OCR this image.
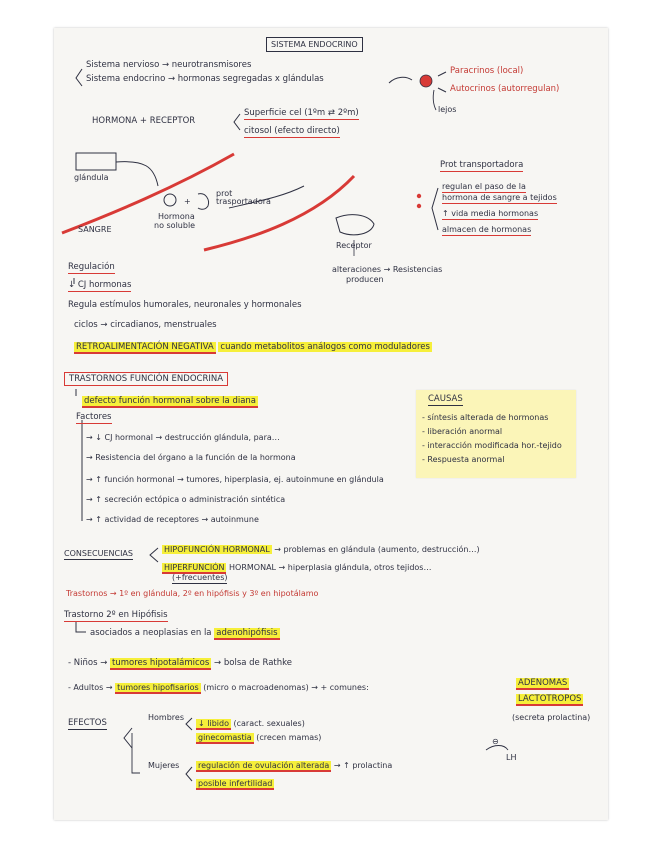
SISTEMA ENDOCRINO
Sistema nervioso → neurotransmisores
Sistema endocrino → hormonas segregadas x glándulas
Paracrinos (local)
Autocrinos (autorregulan)
lejos
HORMONA + RECEPTOR
Superficie cel (1ºm ⇄ 2ºm)
citosol (efecto directo)
glándula
SANGRE
Hormona
no soluble
+
prot
trasportadora
Receptor
alteraciones → Resistencias
producen
Prot transportadora
regulan el paso de la
hormona de sangre a tejidos
↑ vida media hormonas
almacen de hormonas
Regulación
↓ CJ hormonas
Regula estímulos humorales, neuronales y hormonales
ciclos → circadianos, menstruales
RETROALIMENTACIÓN NEGATIVA cuando metabolitos análogos como moduladores
CAUSAS
- síntesis alterada de hormonas
- liberación anormal
- interacción modificada hor.-tejido
- Respuesta anormal
TRASTORNOS FUNCIÓN ENDOCRINA
defecto función hormonal sobre la diana
Factores
→ ↓ CJ hormonal → destrucción glándula, para…
→ Resistencia del órgano a la función de la hormona
→ ↑ función hormonal → tumores, hiperplasia, ej. autoinmune en glándula
→ ↑ secreción ectópica o administración sintética
→ ↑ actividad de receptores → autoinmune
CONSECUENCIAS	HIPOFUNCIÓN HORMONAL → problemas en glándula (aumento, destrucción…)
HIPERFUNCIÓN HORMONAL → hiperplasia glándula, otros tejidos…
(+frecuentes)
Trastornos → 1º en glándula, 2º en hipófisis y 3º en hipotálamo
Trastorno 2º en Hipófisis
asociados a neoplasias en la adenohipófisis
- Niños → tumores hipotalámicos → bolsa de Rathke
- Adultos → tumores hipofisarios (micro o macroadenomas) → + comunes:	ADENOMAS
LACTOTROPOS
(secreta prolactina)
EFECTOS
Hombres
↓ libido (caract. sexuales)
ginecomastia (crecen mamas)
Mujeres regulación de ovulación alterada → ↑ prolactina
posible infertilidad
⊖
LH
